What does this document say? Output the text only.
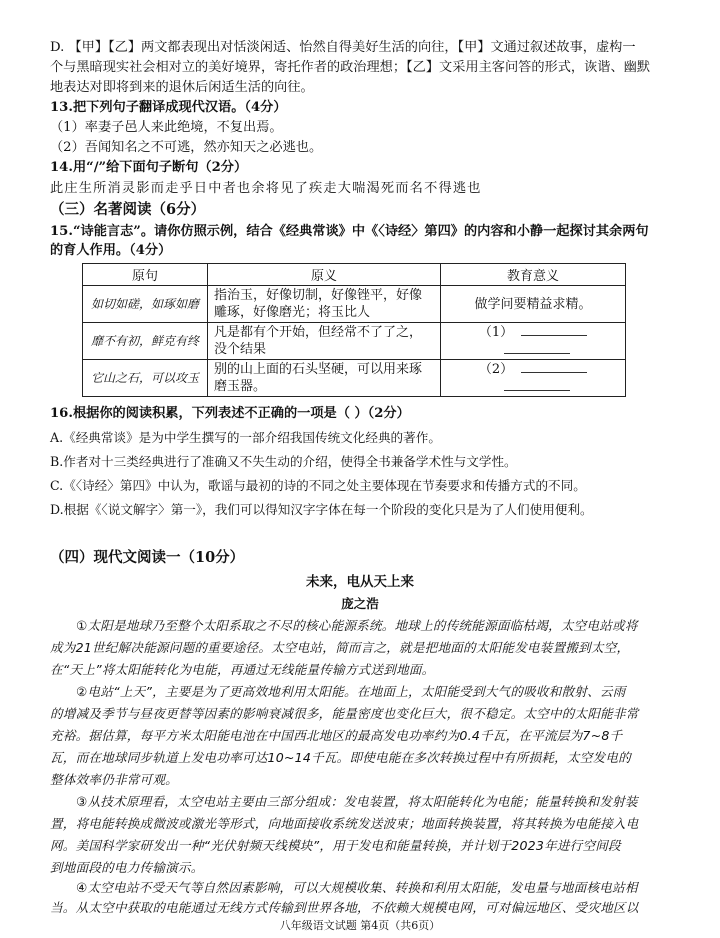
D. 【甲】【乙】两文都表现出对恬淡闲适、怡然自得美好生活的向往，【甲】文通过叙述故事，虚构一
个与黑暗现实社会相对立的美好境界，寄托作者的政治理想；【乙】文采用主客问答的形式，诙谐、幽默
地表达对即将到来的退休后闲适生活的向往。
13.把下列句子翻译成现代汉语。（4分）
（1）率妻子邑人来此绝境，不复出焉。
（2）吾闻知名之不可逃，然亦知天之必逃也。
14.用“/”给下面句子断句（2分）
此庄生所消灵影而走乎日中者也余将见了疾走大喘渴死而名不得逃也
（三）名著阅读（6分）
15.“诗能言志”。请你仿照示例，结合《经典常谈》中《〈诗经〉第四》的内容和小静一起探讨其余两句
的育人作用。（4分）
原句	原义	教育意义
如切如磋，如琢如磨	指治玉，好像切制，好像锉平，好像雕琢，好像磨光；将玉比人	做学问要精益求精。
靡不有初，鲜克有终	凡是都有个开始，但经常不了了之，没个结果	（1）
它山之石，可以攻玉	别的山上面的石头坚硬，可以用来琢磨玉器。	（2）
16.根据你的阅读积累，下列表述不正确的一项是（ ）（2分）
A.《经典常谈》是为中学生撰写的一部介绍我国传统文化经典的著作。
B.作者对十三类经典进行了准确又不失生动的介绍，使得全书兼备学术性与文学性。
C.《〈诗经〉第四》中认为，歌谣与最初的诗的不同之处主要体现在节奏要求和传播方式的不同。
D.根据《〈说文解字〉第一》，我们可以得知汉字字体在每一个阶段的变化只是为了人们使用便利。
（四）现代文阅读一（10分）
未来，电从天上来
庞之浩
①太阳是地球乃至整个太阳系取之不尽的核心能源系统。地球上的传统能源面临枯竭，太空电站或将
成为21世纪解决能源问题的重要途径。太空电站，简而言之，就是把地面的太阳能发电装置搬到太空，
在“天上”将太阳能转化为电能，再通过无线能量传输方式送到地面。
②电站“上天”，主要是为了更高效地利用太阳能。在地面上，太阳能受到大气的吸收和散射、云雨
的增减及季节与昼夜更替等因素的影响衰减很多，能量密度也变化巨大，很不稳定。太空中的太阳能非常
充裕。据估算，每平方米太阳能电池在中国西北地区的最高发电功率约为0.4千瓦，在平流层为7~8千
瓦，而在地球同步轨道上发电功率可达10~14千瓦。即使电能在多次转换过程中有所损耗，太空发电的
整体效率仍非常可观。
③从技术原理看，太空电站主要由三部分组成：发电装置，将太阳能转化为电能；能量转换和发射装
置，将电能转换成微波或激光等形式，向地面接收系统发送波束；地面转换装置，将其转换为电能接入电
网。美国科学家研发出一种“光伏射频天线模块”，用于发电和能量转换，并计划于2023年进行空间段
到地面段的电力传输演示。
④太空电站不受天气等自然因素影响，可以大规模收集、转换和利用太阳能，发电量与地面核电站相
当。从太空中获取的电能通过无线方式传输到世界各地，不依赖大规模电网，可对偏远地区、受灾地区以
八年级语文试题 第4页（共6页）
